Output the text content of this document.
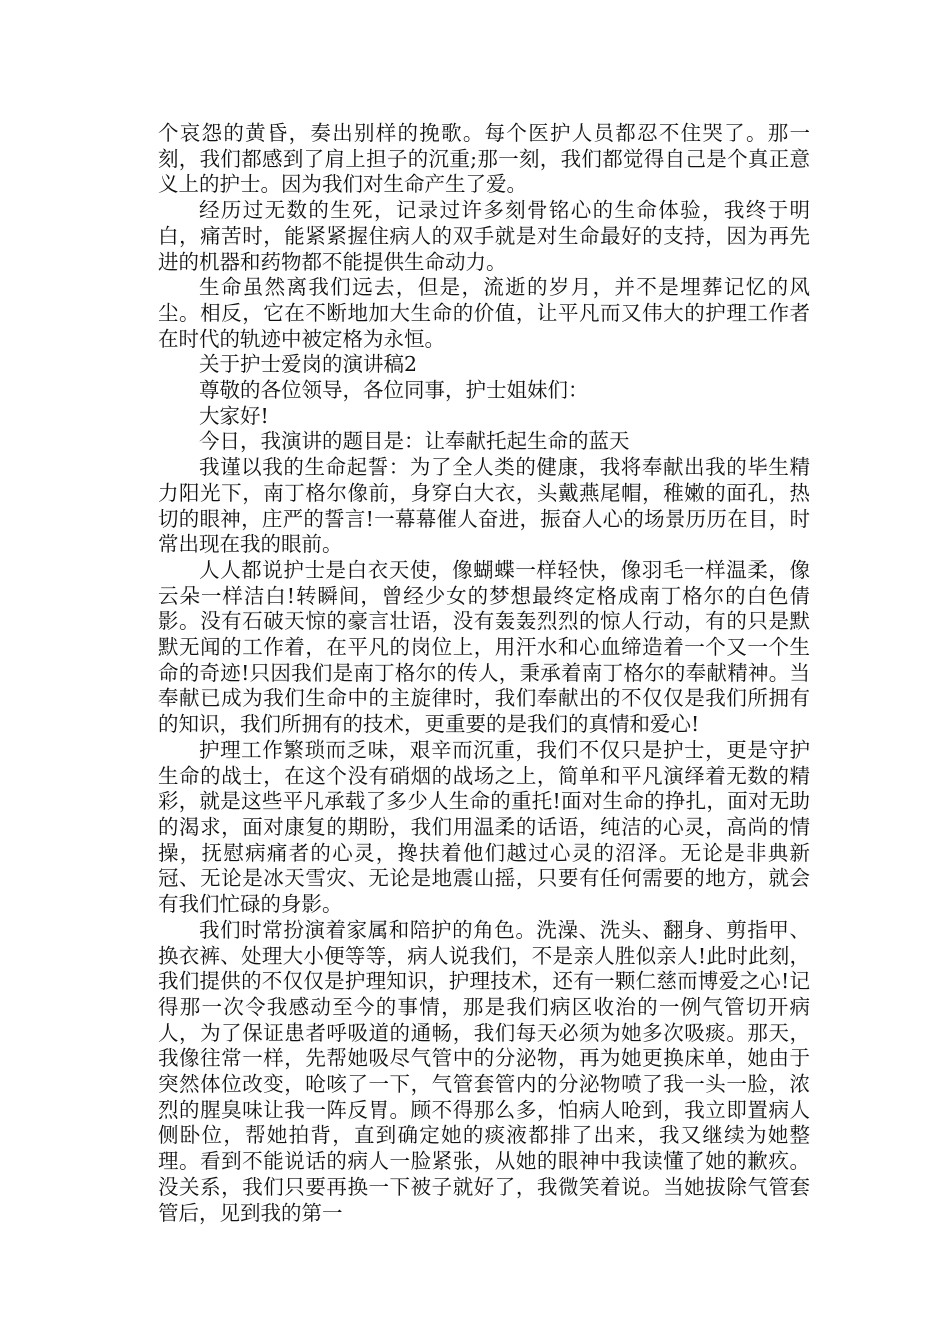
个哀怨的黄昏，奏出别样的挽歌。每个医护人员都忍不住哭了。那一刻，我们都感到了肩上担子的沉重;那一刻，我们都觉得自己是个真正意义上的护士。因为我们对生命产生了爱。

经历过无数的生死，记录过许多刻骨铭心的生命体验，我终于明白，痛苦时，能紧紧握住病人的双手就是对生命最好的支持，因为再先进的机器和药物都不能提供生命动力。

生命虽然离我们远去，但是，流逝的岁月，并不是埋葬记忆的风尘。相反，它在不断地加大生命的价值，让平凡而又伟大的护理工作者在时代的轨迹中被定格为永恒。

关于护士爱岗的演讲稿2

尊敬的各位领导，各位同事，护士姐妹们：

大家好!

今日，我演讲的题目是：让奉献托起生命的蓝天

我谨以我的生命起誓：为了全人类的健康，我将奉献出我的毕生精力阳光下，南丁格尔像前，身穿白大衣，头戴燕尾帽，稚嫩的面孔，热切的眼神，庄严的誓言!一幕幕催人奋进，振奋人心的场景历历在目，时常出现在我的眼前。

人人都说护士是白衣天使，像蝴蝶一样轻快，像羽毛一样温柔，像云朵一样洁白!转瞬间，曾经少女的梦想最终定格成南丁格尔的白色倩影。没有石破天惊的豪言壮语，没有轰轰烈烈的惊人行动，有的只是默默无闻的工作着，在平凡的岗位上，用汗水和心血缔造着一个又一个生命的奇迹!只因我们是南丁格尔的传人，秉承着南丁格尔的奉献精神。当奉献已成为我们生命中的主旋律时，我们奉献出的不仅仅是我们所拥有的知识，我们所拥有的技术，更重要的是我们的真情和爱心!

护理工作繁琐而乏味，艰辛而沉重，我们不仅只是护士，更是守护生命的战士，在这个没有硝烟的战场之上，简单和平凡演绎着无数的精彩，就是这些平凡承载了多少人生命的重托!面对生命的挣扎，面对无助的渴求，面对康复的期盼，我们用温柔的话语，纯洁的心灵，高尚的情操，抚慰病痛者的心灵，搀扶着他们越过心灵的沼泽。无论是非典新冠、无论是冰天雪灾、无论是地震山摇，只要有任何需要的地方，就会有我们忙碌的身影。

我们时常扮演着家属和陪护的角色。洗澡、洗头、翻身、剪指甲、换衣裤、处理大小便等等，病人说我们，不是亲人胜似亲人!此时此刻，我们提供的不仅仅是护理知识，护理技术，还有一颗仁慈而博爱之心!记得那一次令我感动至今的事情，那是我们病区收治的一例气管切开病人，为了保证患者呼吸道的通畅，我们每天必须为她多次吸痰。那天，我像往常一样，先帮她吸尽气管中的分泌物，再为她更换床单，她由于突然体位改变，呛咳了一下，气管套管内的分泌物喷了我一头一脸，浓烈的腥臭味让我一阵反胃。顾不得那么多，怕病人呛到，我立即置病人侧卧位，帮她拍背，直到确定她的痰液都排了出来，我又继续为她整理。看到不能说话的病人一脸紧张，从她的眼神中我读懂了她的歉疚。没关系，我们只要再换一下被子就好了，我微笑着说。当她拔除气管套管后，见到我的第一
